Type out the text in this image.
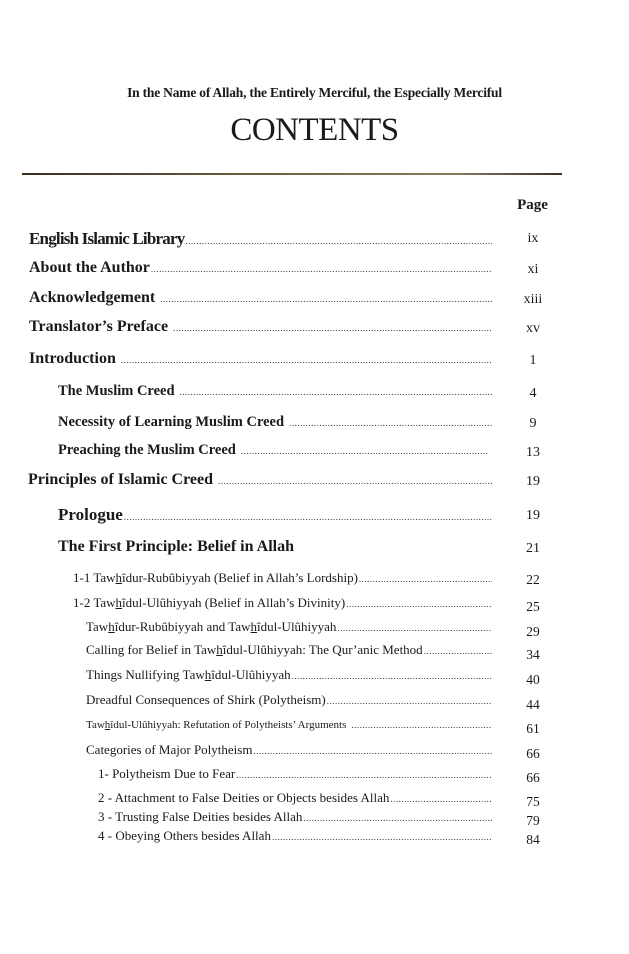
In the Name of Allah, the Entirely Merciful, the Especially Merciful
CONTENTS
Page
English Islamic Library .....	ix
About the Author .....	xi
Acknowledgement .....	xiii
Translator’s Preface .....	xv
Introduction .....	1
The Muslim Creed .....	4
Necessity of Learning Muslim Creed .....	9
Preaching the Muslim Creed .....	13
Principles of Islamic Creed .....	19
Prologue .....	19
The First Principle: Belief in Allah	21
1-1 Tawhîdur-Rubûbiyyah (Belief in Allah’s Lordship) .....	22
1-2 Tawhîdul-Ulûhiyyah (Belief in Allah’s Divinity) .....	25
Tawhîdur-Rubûbiyyah and Tawhîdul-Ulûhiyyah .....	29
Calling for Belief in Tawhîdul-Ulûhiyyah: The Qur’anic Method .....	34
Things Nullifying Tawhîdul-Ulûhiyyah .....	40
Dreadful Consequences of Shirk (Polytheism) .....	44
Tawhîdul-Ulûhiyyah: Refutation of Polytheists’ Arguments .....	61
Categories of Major Polytheism .....	66
1- Polytheism Due to Fear .....	66
2 - Attachment to False Deities or Objects besides Allah .....	75
3 - Trusting False Deities besides Allah .....	79
4 - Obeying Others besides Allah .....	84
